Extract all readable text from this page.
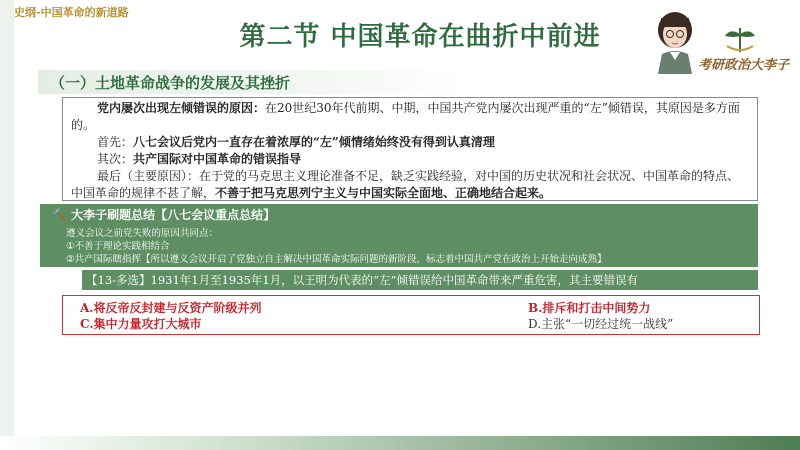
史纲-中国革命的新道路
第二节 中国革命在曲折中前进
考研政治大李子
（一）土地革命战争的发展及其挫折

党内屡次出现左倾错误的原因：在20世纪30年代前期、中期，中国共产党内屡次出现严重的“左”倾错误，其原因是多方面的。

首先：八七会议后党内一直存在着浓厚的“左”倾情绪始终没有得到认真清理

其次：共产国际对中国革命的错误指导

最后（主要原因）：在于党的马克思主义理论准备不足，缺乏实践经验，对中国的历史状况和社会状况、中国革命的特点、中国革命的规律不甚了解，不善于把马克思列宁主义与中国实际全面地、正确地结合起来。

🔨 大李子刷题总结【八七会议重点总结】
遵义会议之前党失败的原因共同点：
①不善于理论实践相结合
②共产国际瞎指挥【所以遵义会议开启了党独立自主解决中国革命实际问题的新阶段，标志着中国共产党在政治上开始走向成熟】
【13-多选】1931年1月至1935年1月，以王明为代表的“左”倾错误给中国革命带来严重危害，其主要错误有
A.将反帝反封建与反资产阶级并列	B.排斥和打击中间势力
C.集中力量攻打大城市	D.主张“一切经过统一战线”
